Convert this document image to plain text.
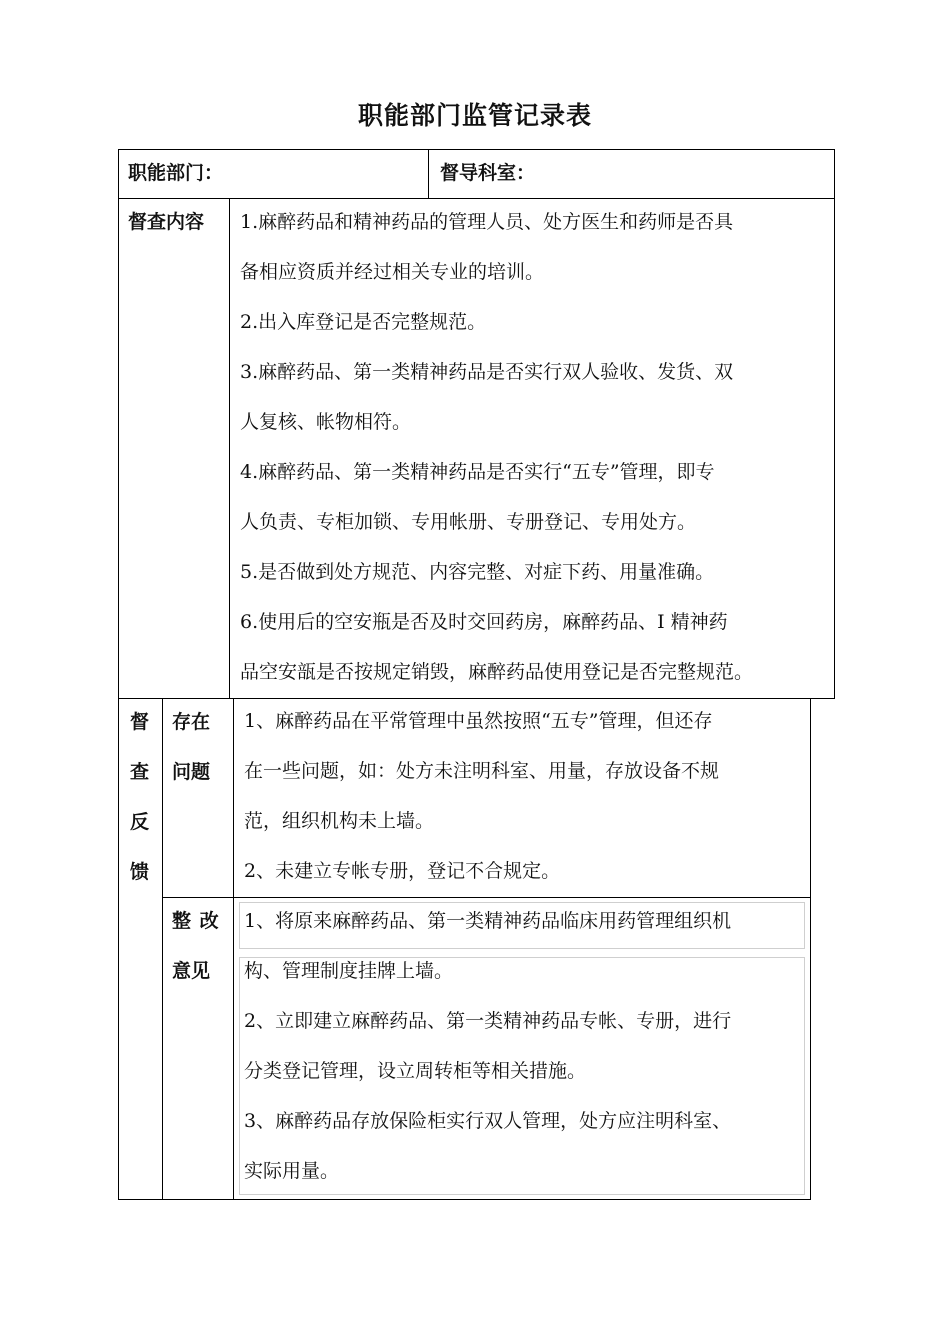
职能部门监管记录表
职能部门：	督导科室：
督查内容 1.麻醉药品和精神药品的管理人员、处方医生和药师是否具
备相应资质并经过相关专业的培训。
2.出入库登记是否完整规范。
3.麻醉药品、第一类精神药品是否实行双人验收、发货、双
人复核、帐物相符。
4.麻醉药品、第一类精神药品是否实行“五专”管理，即专
人负责、专柜加锁、专用帐册、专册登记、专用处方。
5.是否做到处方规范、内容完整、对症下药、用量准确。
6.使用后的空安瓶是否及时交回药房，麻醉药品、I 精神药
品空安瓿是否按规定销毁，麻醉药品使用登记是否完整规范。
督
查
反
馈
存在
问题
1、麻醉药品在平常管理中虽然按照“五专”管理，但还存
在一些问题，如：处方未注明科室、用量，存放设备不规
范，组织机构未上墙。
2、未建立专帐专册，登记不合规定。
整 改
意见
1、将原来麻醉药品、第一类精神药品临床用药管理组织机
构、管理制度挂牌上墙。
2、立即建立麻醉药品、第一类精神药品专帐、专册，进行
分类登记管理，设立周转柜等相关措施。
3、麻醉药品存放保险柜实行双人管理，处方应注明科室、
实际用量。
